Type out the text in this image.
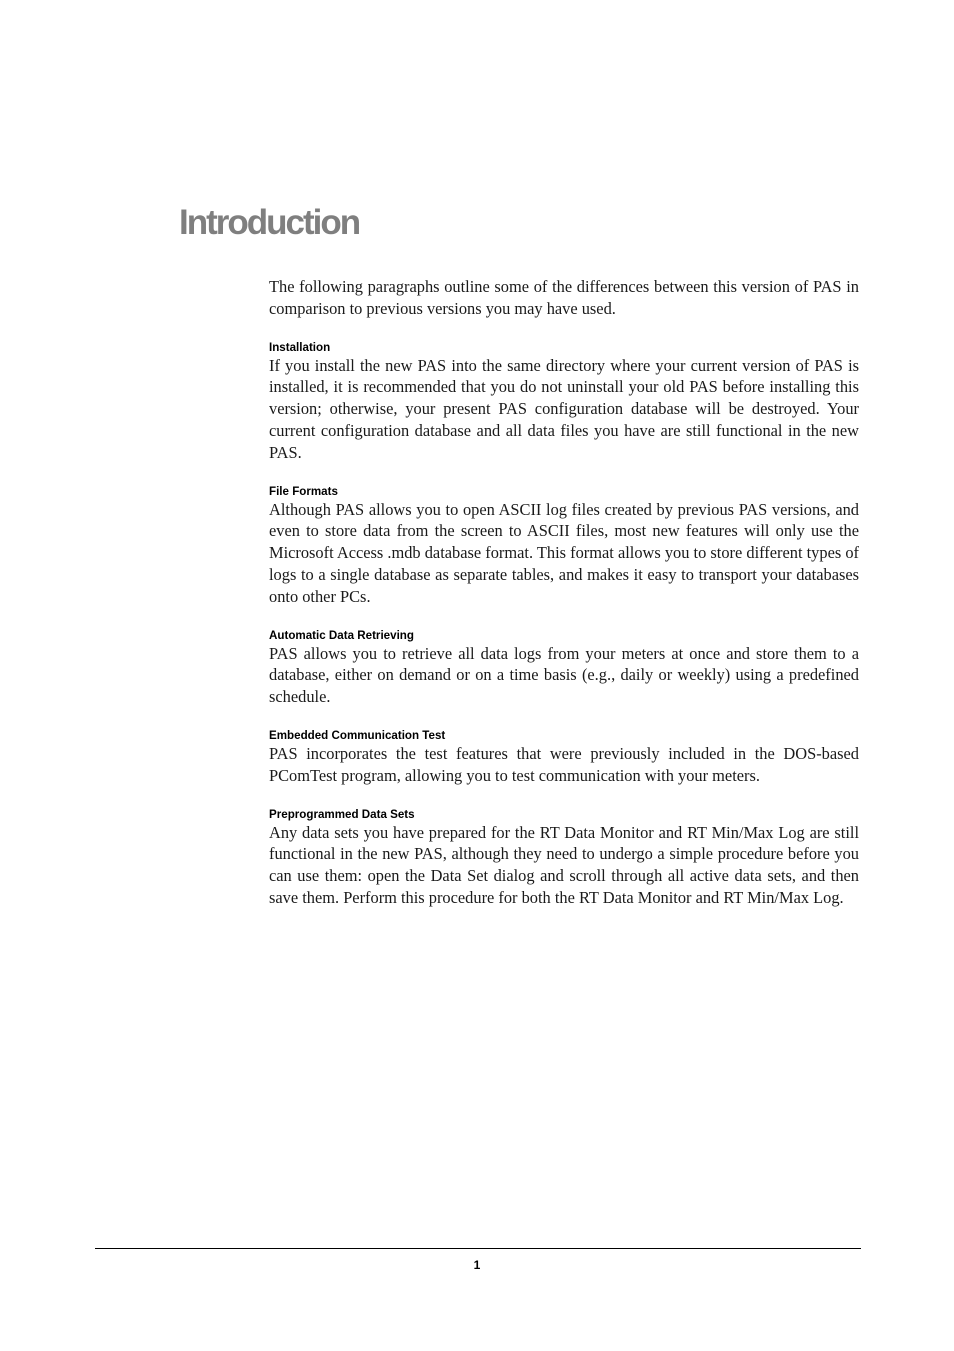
Introduction

The following paragraphs outline some of the differences between this version of PAS in comparison to previous versions you may have used.

Installation

If you install the new PAS into the same directory where your current version of PAS is installed, it is recommended that you do not uninstall your old PAS before installing this version; otherwise, your present PAS configuration database will be destroyed. Your current configuration database and all data files you have are still functional in the new PAS.

File Formats

Although PAS allows you to open ASCII log files created by previous PAS versions, and even to store data from the screen to ASCII files, most new features will only use the Microsoft Access .mdb database format. This format allows you to store different types of logs to a single database as separate tables, and makes it easy to transport your databases onto other PCs.

Automatic Data Retrieving

PAS allows you to retrieve all data logs from your meters at once and store them to a database, either on demand or on a time basis (e.g., daily or weekly) using a predefined schedule.

Embedded Communication Test

PAS incorporates the test features that were previously included in the DOS-based PComTest program, allowing you to test communication with your meters.

Preprogrammed Data Sets

Any data sets you have prepared for the RT Data Monitor and RT Min/Max Log are still functional in the new PAS, although they need to undergo a simple procedure before you can use them: open the Data Set dialog and scroll through all active data sets, and then save them. Perform this procedure for both the RT Data Monitor and RT Min/Max Log.

1
